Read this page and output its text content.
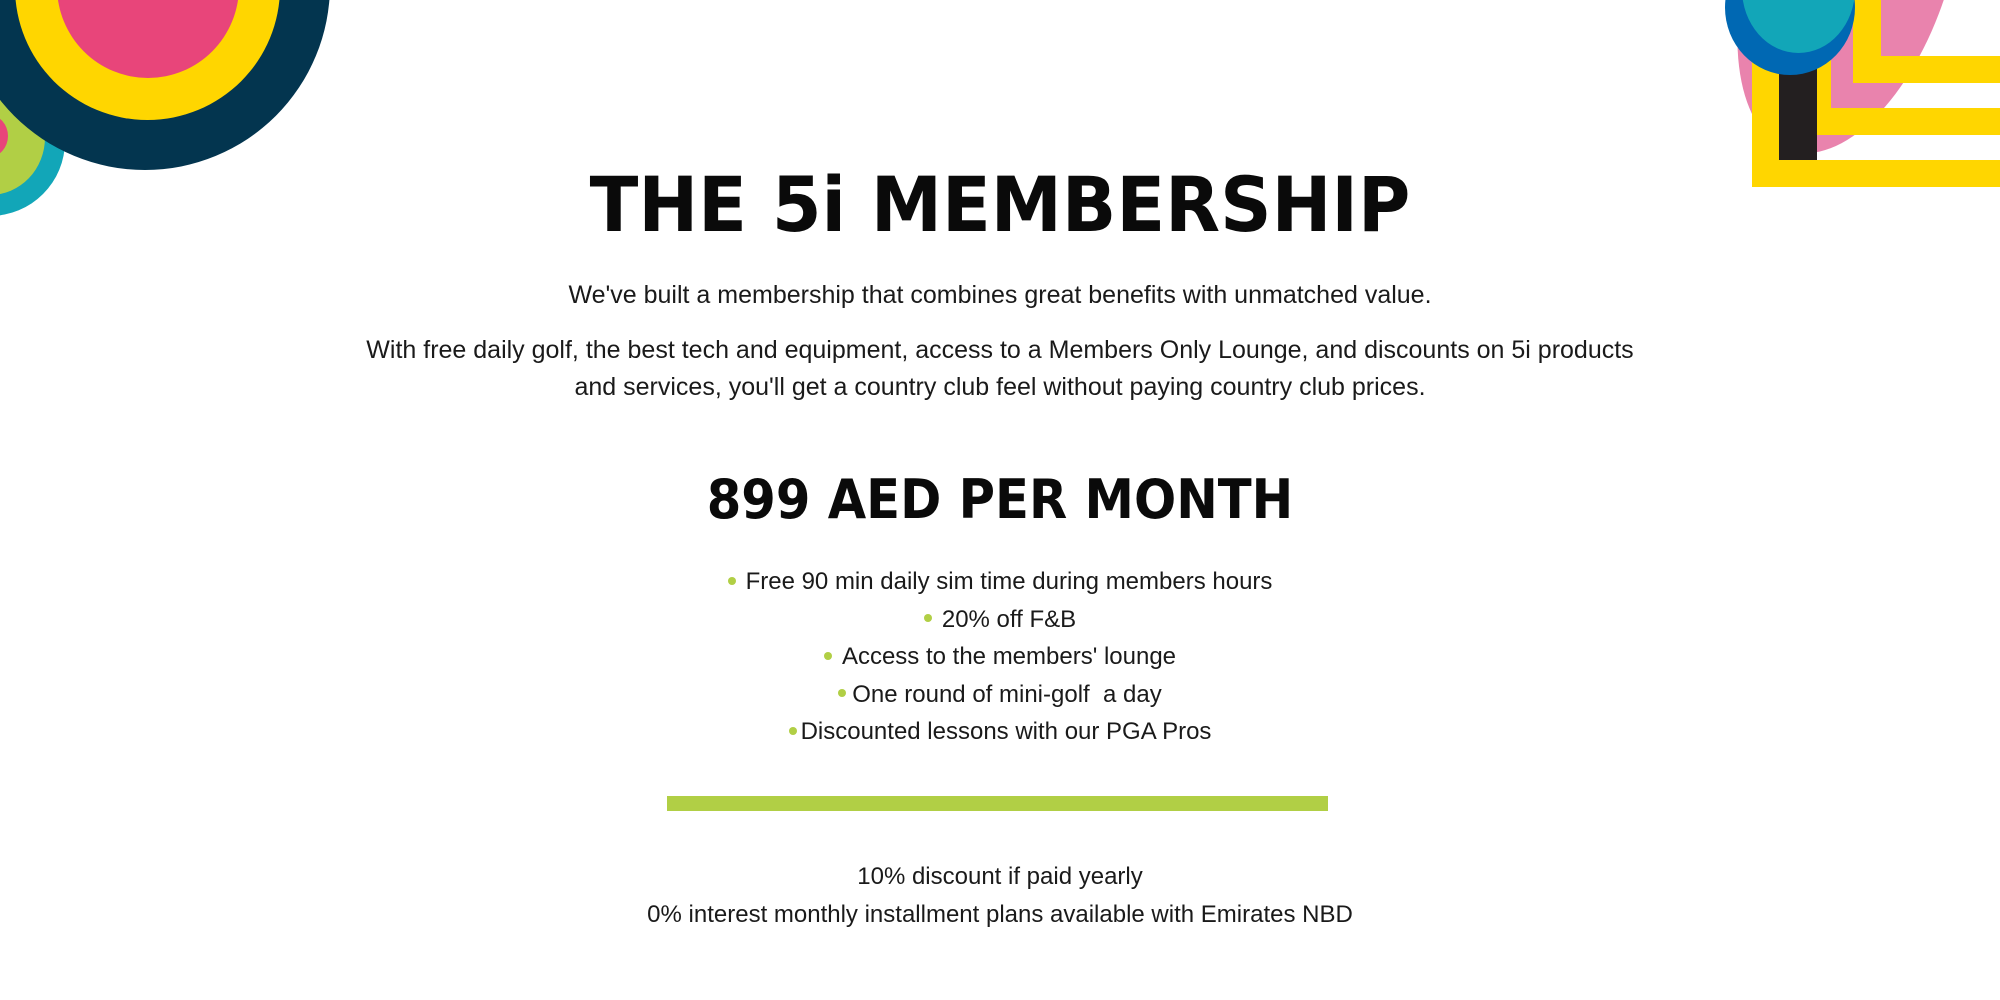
THE 5i MEMBERSHIP

We've built a membership that combines great benefits with unmatched value.

With free daily golf, the best tech and equipment, access to a Members Only Lounge, and discounts on 5i products and services, you'll get a country club feel without paying country club prices.

899 AED PER MONTH
Free 90 min daily sim time during members hours
20% off F&B
Access to the members' lounge
One round of mini-golf  a day
Discounted lessons with our PGA Pros
10% discount if paid yearly
0% interest monthly installment plans available with Emirates NBD
